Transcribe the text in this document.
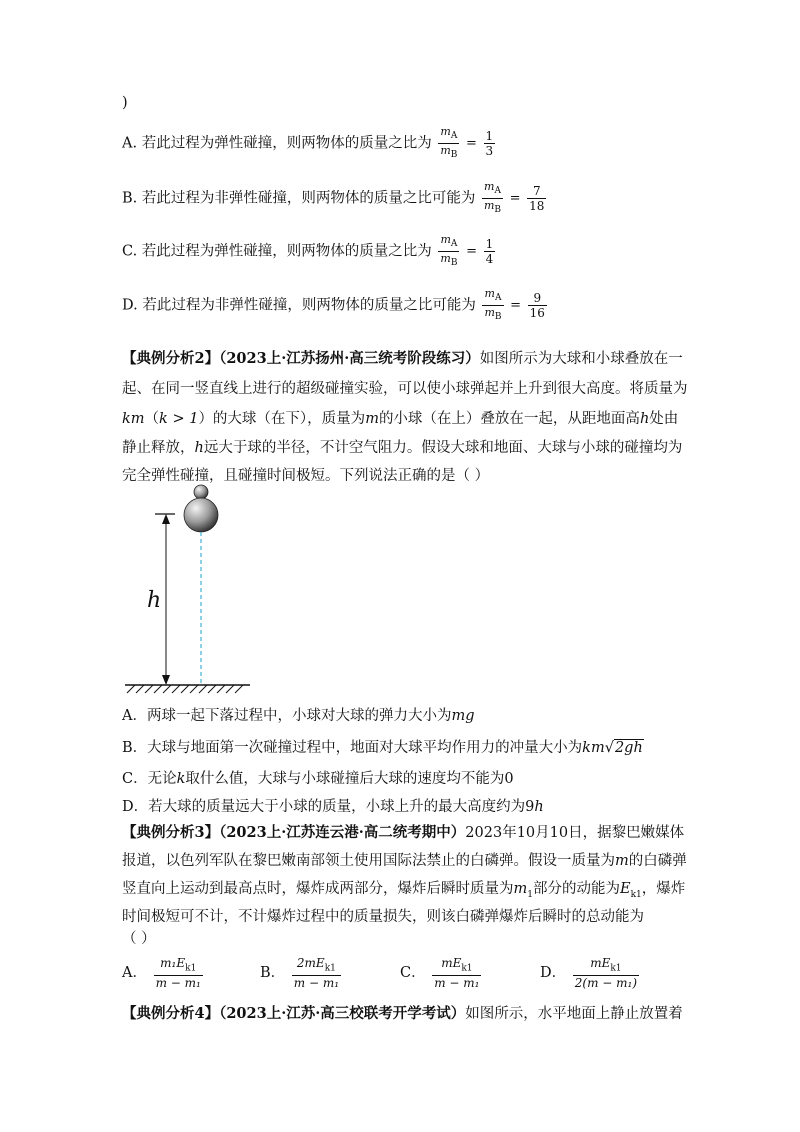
)
A. 若此过程为弹性碰撞，则两物体的质量之比为 $\frac{m_A}{m_B} = \frac{1}{3}$
B. 若此过程为非弹性碰撞，则两物体的质量之比可能为 $\frac{m_A}{m_B} = \frac{7}{18}$
C. 若此过程为弹性碰撞，则两物体的质量之比为 $\frac{m_A}{m_B} = \frac{1}{4}$
D. 若此过程为非弹性碰撞，则两物体的质量之比可能为 $\frac{m_A}{m_B} = \frac{9}{16}$
【典例分析2】（2023上·江苏扬州·高三统考阶段练习）如图所示为大球和小球叠放在一
起、在同一竖直线上进行的超级碰撞实验，可以使小球弹起并上升到很大高度。将质量为
km（k > 1）的大球（在下），质量为m的小球（在上）叠放在一起，从距地面高h处由
静止释放，h远大于球的半径，不计空气阻力。假设大球和地面、大球与小球的碰撞均为
完全弹性碰撞，且碰撞时间极短。下列说法正确的是（ ）
h
A．两球一起下落过程中，小球对大球的弹力大小为mg
B．大球与地面第一次碰撞过程中，地面对大球平均作用力的冲量大小为km√2gh
C．无论k取什么值，大球与小球碰撞后大球的速度均不能为0
D．若大球的质量远大于小球的质量，小球上升的最大高度约为9h
【典例分析3】（2023上·江苏连云港·高二统考期中）2023年10月10日，据黎巴嫩媒体
报道，以色列军队在黎巴嫩南部领土使用国际法禁止的白磷弹。假设一质量为m的白磷弹
竖直向上运动到最高点时，爆炸成两部分，爆炸后瞬时质量为$m_1$部分的动能为$E_{k1}$，爆炸
时间极短可不计，不计爆炸过程中的质量损失，则该白磷弹爆炸后瞬时的总动能为
（ ）
A． $\frac{m_1E_{k1}}{\text{m − m₁}}$	B． $\frac{2mE_{k1}}{\text{m − m₁}}$	C． $\frac{mE_{k1}}{\text{m − m₁}}$	D． $\frac{mE_{k1}}{\text{2(m − m₁)}}$
【典例分析4】（2023上·江苏·高三校联考开学考试）如图所示，水平地面上静止放置着
